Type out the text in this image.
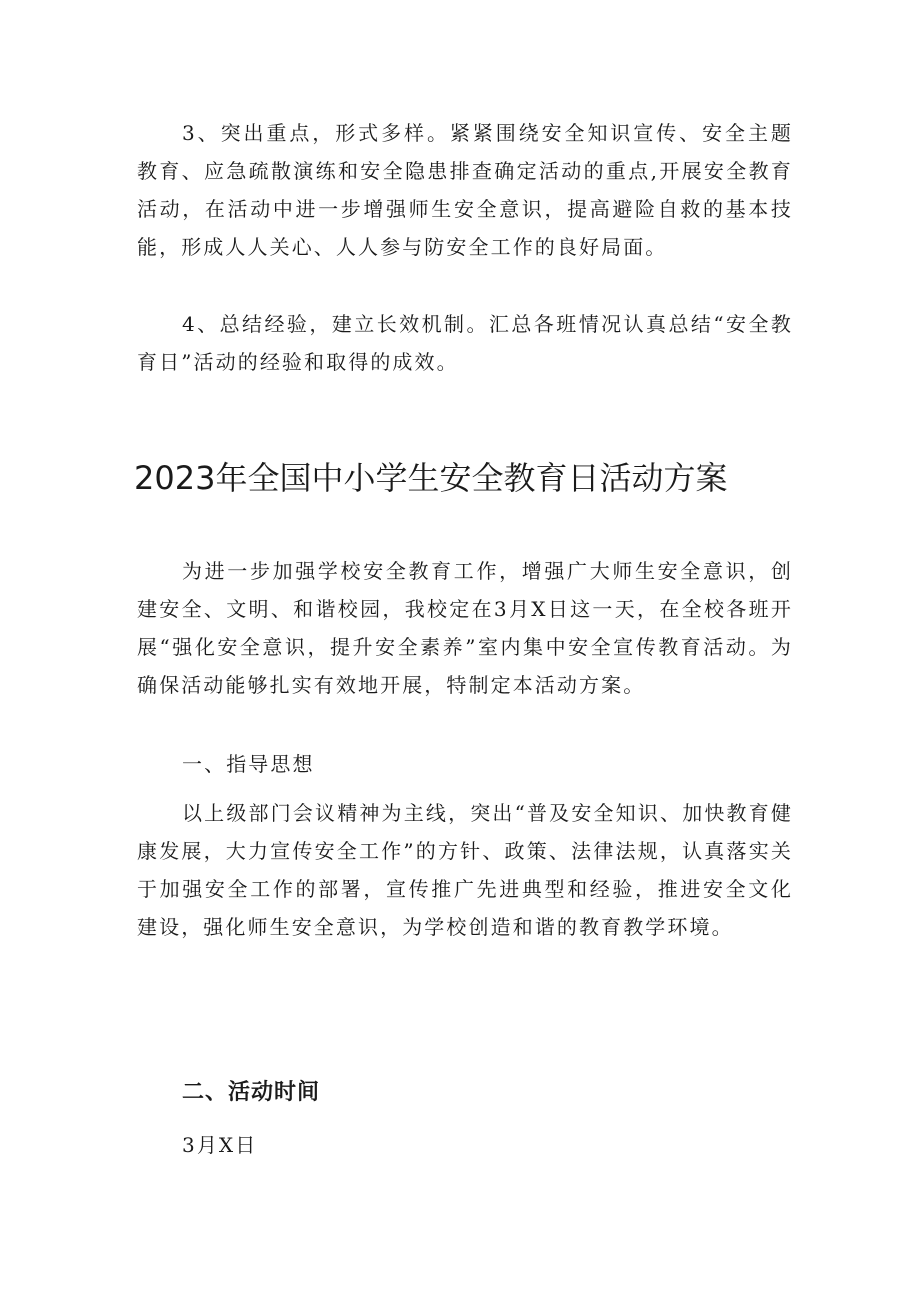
3、突出重点，形式多样。紧紧围绕安全知识宣传、安全主题教育、应急疏散演练和安全隐患排查确定活动的重点,开展安全教育活动，在活动中进一步增强师生安全意识，提高避险自救的基本技能，形成人人关心、人人参与防安全工作的良好局面。

4、总结经验，建立长效机制。汇总各班情况认真总结“安全教育日”活动的经验和取得的成效。

2023年全国中小学生安全教育日活动方案

为进一步加强学校安全教育工作，增强广大师生安全意识，创建安全、文明、和谐校园，我校定在3月X日这一天，在全校各班开展“强化安全意识，提升安全素养”室内集中安全宣传教育活动。为确保活动能够扎实有效地开展，特制定本活动方案。

一、指导思想

以上级部门会议精神为主线，突出“普及安全知识、加快教育健康发展，大力宣传安全工作”的方针、政策、法律法规，认真落实关于加强安全工作的部署，宣传推广先进典型和经验，推进安全文化建设，强化师生安全意识，为学校创造和谐的教育教学环境。

二、活动时间

3月X日
